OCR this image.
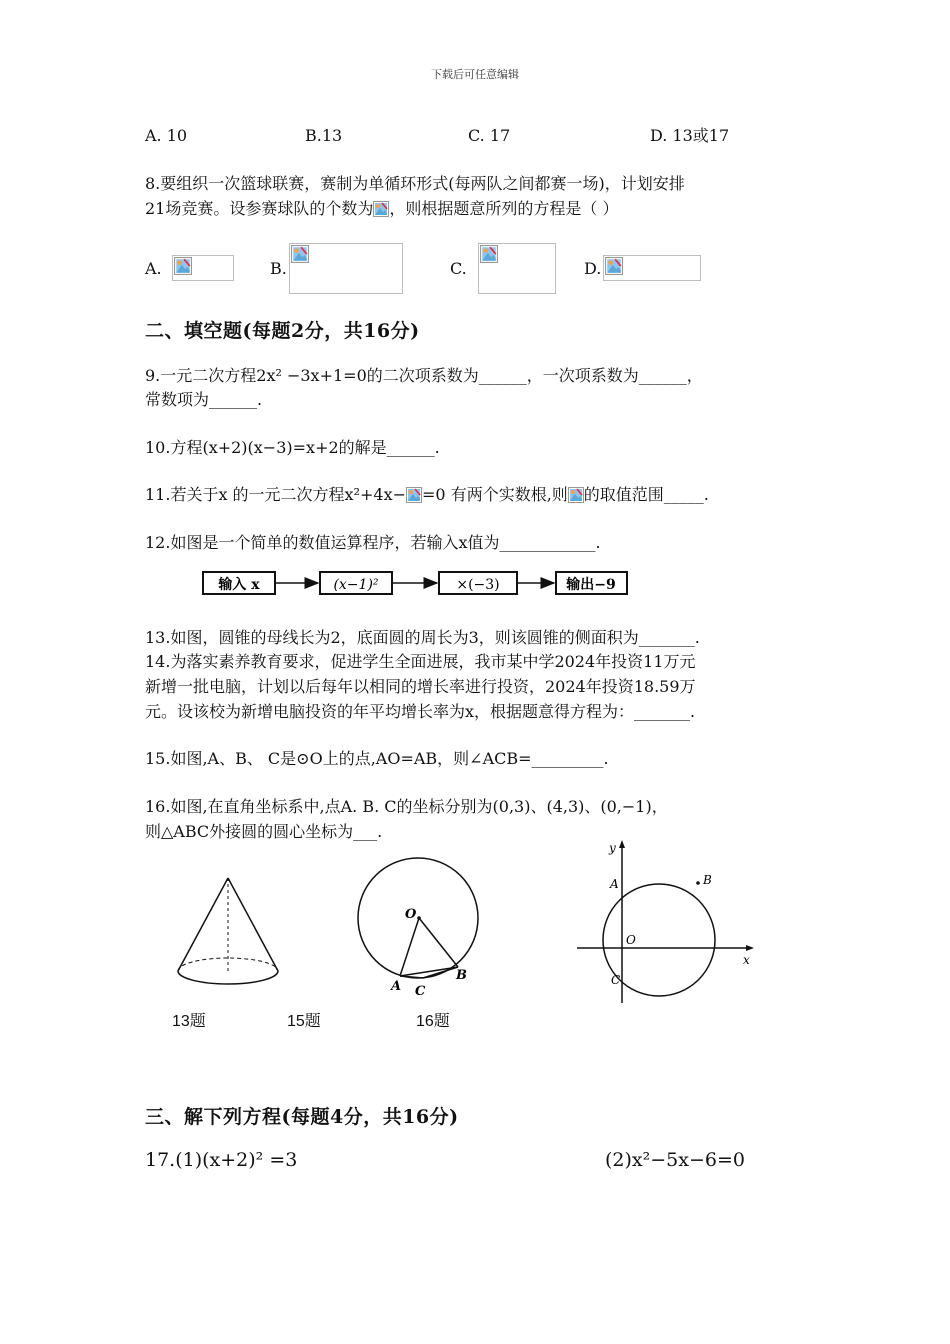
下载后可任意编辑
A. 10	B.13	C. 17	D. 13或17
8.要组织一次篮球联赛，赛制为单循环形式(每两队之间都赛一场)，计划安排
21场竞赛。设参赛球队的个数为 ，则根据题意所列的方程是（ ）
A.	B.	C.	D.
二、填空题(每题2分，共16分)
9.一元二次方程2x² −3x+1=0的二次项系数为______，一次项系数为______，
常数项为______.
10.方程(x+2)(x−3)=x+2的解是______.
11.若关于x 的一元二次方程x²+4x− =0 有两个实数根,则 的取值范围_____.
12.如图是一个简单的数值运算程序，若输入x值为____________.
输入 x	(x−1)²	×(−3)	输出−9
13.如图，圆锥的母线长为2，底面圆的周长为3，则该圆锥的侧面积为_______.
14.为落实素养教育要求，促进学生全面进展，我市某中学2024年投资11万元
新增一批电脑，计划以后每年以相同的增长率进行投资，2024年投资18.59万
元。设该校为新增电脑投资的年平均增长率为x，根据题意得方程为：_______.
15.如图,A、B、 C是⊙O上的点,AO=AB，则∠ACB=_________.
16.如图,在直角坐标系中,点A. B. C的坐标分别为(0,3)、(4,3)、(0,−1)，
则△ABC外接圆的圆心坐标为___.
O
A
B
C
y
x
A	B
O
C
13题	15题	16题
三、解下列方程(每题4分，共16分)
17.(1)(x+2)² =3	(2)x²−5x−6=0
